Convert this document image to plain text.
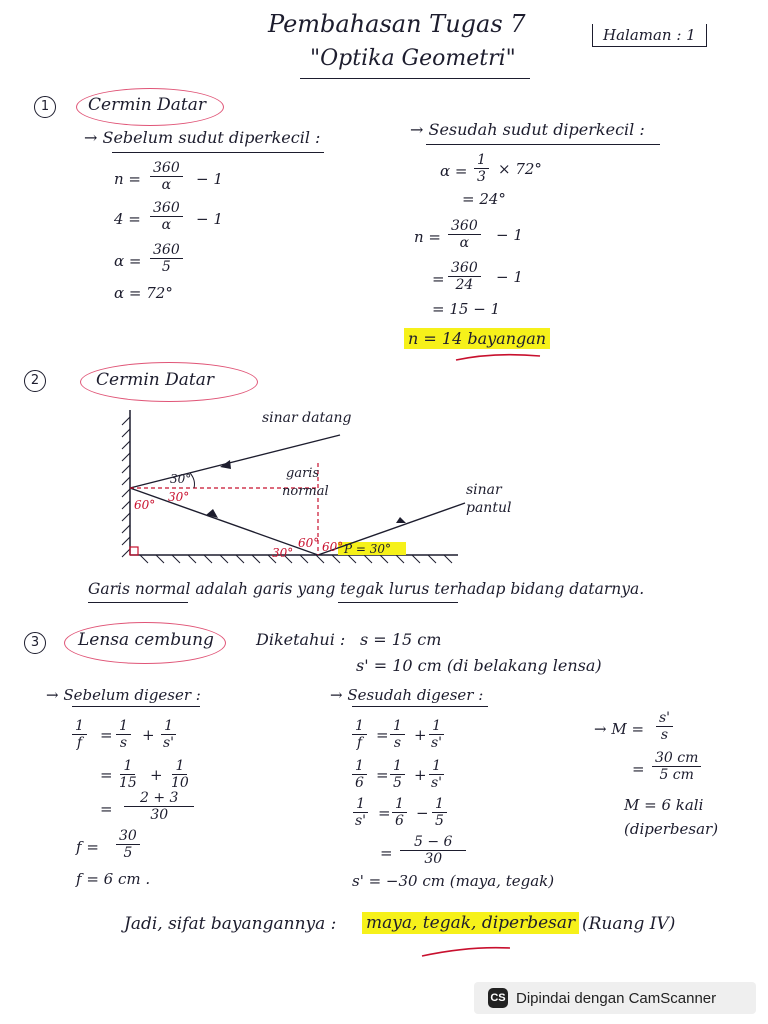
Pembahasan Tugas 7
"Optika Geometri"
Halaman : 1
1	Cermin Datar
→ Sebelum sudut diperkecil :
$n = \frac{360}{\alpha} - 1$
$4 = \frac{360}{\alpha} - 1$
$\alpha = \frac{360}{5}$
α = 72°
→ Sesudah sudut diperkecil :
$\alpha = \frac{1}{3} \times 72^\circ$
= 24°
$n = \frac{360}{\alpha} - 1$
= $\frac{360}{24} - 1$
= 15 − 1
n = 14 bayangan
2	Cermin Datar
sinar datang
garis
normal	sinar
pantul
30°
60°
30°
30°
60° 60° P = 30°
Garis normal adalah garis yang tegak lurus terhadap bidang datarnya.
3	Lensa cembung	Diketahui : s = 15 cm
s' = 10 cm (di belakang lensa)
→ Sebelum digeser :	→ Sesudah digeser :
$\frac{1}{f} = \frac{1}{s} + \frac{1}{s'}$
= $\frac{1}{15} + \frac{1}{10}$
= $\frac{2 + 3}{30}$
$f = \frac{30}{5}$
f = 6 cm .
$\frac{1}{f} = \frac{1}{s} + \frac{1}{s'}$
$\frac{1}{6} = \frac{1}{5} + \frac{1}{s'}$
$\frac{1}{s'} = \frac{1}{6} - \frac{1}{5}$
= $\frac{5 - 6}{30}$
s' = −30 cm (maya, tegak)
→ $M = \frac{s'}{s}$
= $\frac{30 cm}{5 cm}$
M = 6 kali
(diperbesar)
Jadi, sifat bayangannya : maya, tegak, diperbesar (Ruang IV)
CS Dipindai dengan CamScanner
